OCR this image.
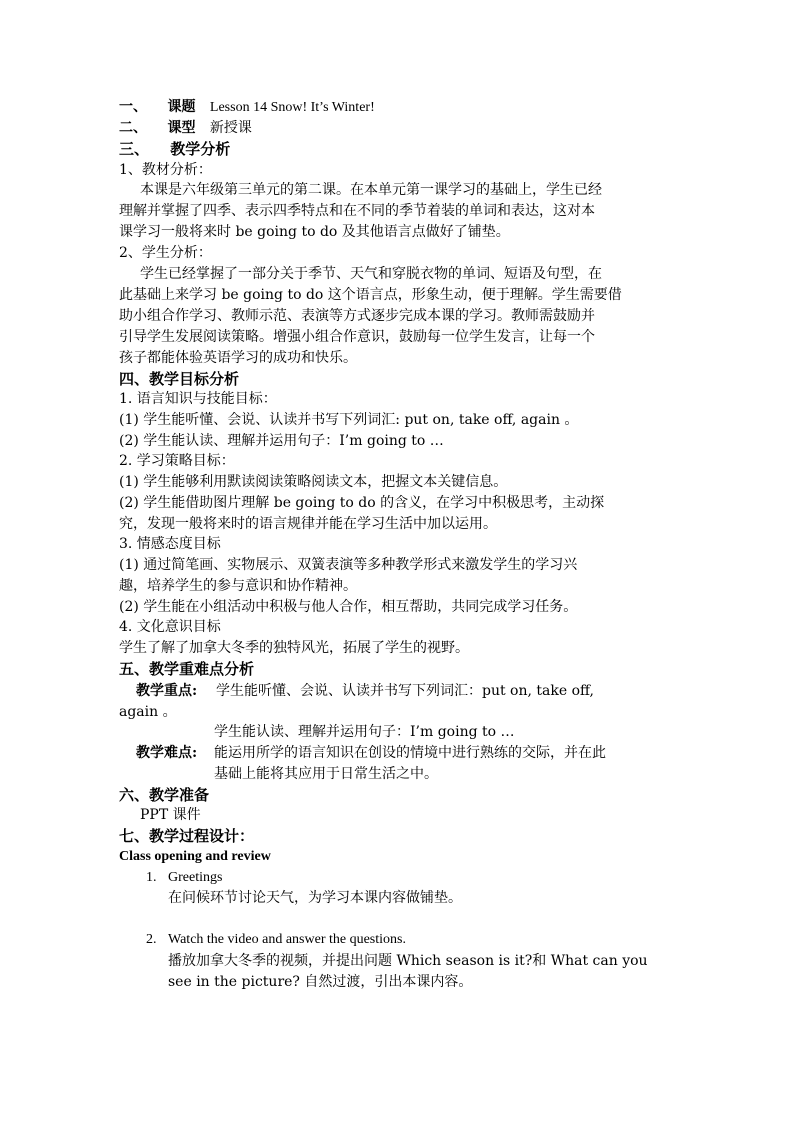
一、 课题 Lesson 14 Snow! It’s Winter!
二、 课型 新授课
三、 教学分析
1、教材分析：
本课是六年级第三单元的第二课。在本单元第一课学习的基础上，学生已经
理解并掌握了四季、表示四季特点和在不同的季节着装的单词和表达，这对本
课学习一般将来时 be going to do 及其他语言点做好了铺垫。
2、学生分析：
学生已经掌握了一部分关于季节、天气和穿脱衣物的单词、短语及句型，在
此基础上来学习 be going to do 这个语言点，形象生动，便于理解。学生需要借
助小组合作学习、教师示范、表演等方式逐步完成本课的学习。教师需鼓励并
引导学生发展阅读策略。增强小组合作意识，鼓励每一位学生发言，让每一个
孩子都能体验英语学习的成功和快乐。
四、教学目标分析
1. 语言知识与技能目标：
(1) 学生能听懂、会说、认读并书写下列词汇: put on, take off, again 。
(2) 学生能认读、理解并运用句子：I’m going to …
2. 学习策略目标：
(1) 学生能够利用默读阅读策略阅读文本，把握文本关键信息。
(2) 学生能借助图片理解 be going to do 的含义，在学习中积极思考，主动探
究，发现一般将来时的语言规律并能在学习生活中加以运用。
3. 情感态度目标
(1) 通过简笔画、实物展示、双簧表演等多种教学形式来激发学生的学习兴
趣，培养学生的参与意识和协作精神。
(2) 学生能在小组活动中积极与他人合作，相互帮助，共同完成学习任务。
4. 文化意识目标
学生了解了加拿大冬季的独特风光，拓展了学生的视野。
五、教学重难点分析
教学重点:	学生能听懂、会说、认读并书写下列词汇：put on, take off,
again 。
学生能认读、理解并运用句子：I’m going to …
教学难点:	能运用所学的语言知识在创设的情境中进行熟练的交际，并在此
基础上能将其应用于日常生活之中。
六、教学准备
PPT 课件
七、教学过程设计：
Class opening and review
1. Greetings
在问候环节讨论天气，为学习本课内容做铺垫。
2. Watch the video and answer the questions.
播放加拿大冬季的视频，并提出问题 Which season is it?和 What can you
see in the picture? 自然过渡，引出本课内容。
